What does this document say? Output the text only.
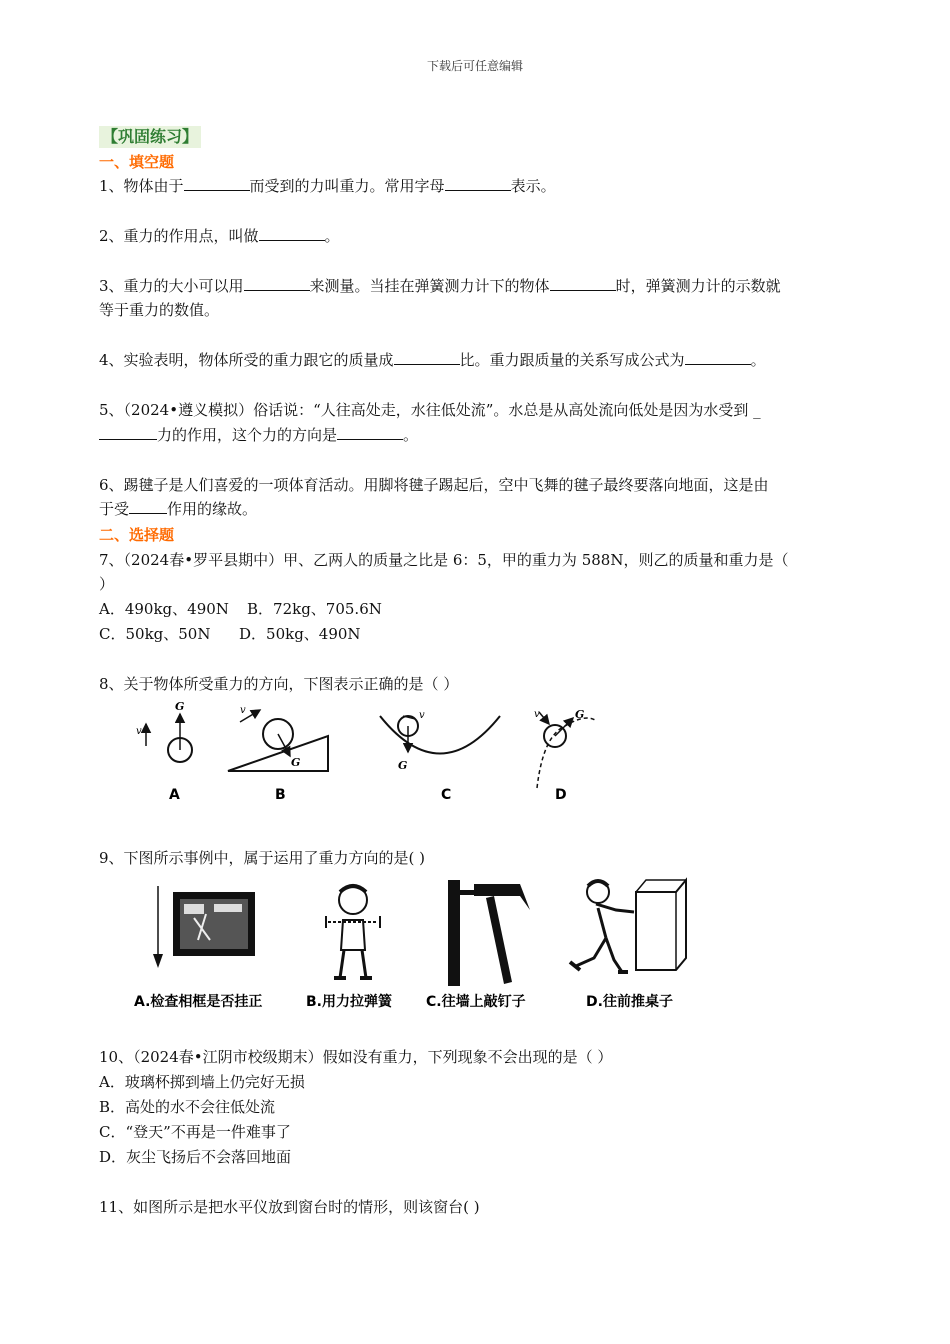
下载后可任意编辑
【巩固练习】
一、填空题
1、物体由于	而受到的力叫重力。常用字母	表示。
2、重力的作用点，叫做	。
3、重力的大小可以用	来测量。当挂在弹簧测力计下的物体	时，弹簧测力计的示数就
等于重力的数值。
4、实验表明，物体所受的重力跟它的质量成	比。重力跟质量的关系写成公式为	。
5、（2024•遵义模拟）俗话说：“人往高处走，水往低处流”。水总是从高处流向低处是因为水受到 _
力的作用，这个力的方向是	。
6、踢毽子是人们喜爱的一项体育活动。用脚将毽子踢起后，空中飞舞的毽子最终要落向地面，这是由
于受	作用的缘故。
二、选择题
7、（2024春•罗平县期中）甲、乙两人的质量之比是 6：5，甲的重力为 588N，则乙的质量和重力是（
）
A．490kg、490N B．72kg、705.6N
C．50kg、50N D．50kg、490N
8、关于物体所受重力的方向，下图表示正确的是（ ）
G
v
A
G
v
B
G
v
C
G
v
D
9、下图所示事例中，属于运用了重力方向的是( )
A.检查相框是否挂正	B.用力拉弹簧 C.往墙上敲钉子	D.往前推桌子
10、（2024春•江阴市校级期末）假如没有重力，下列现象不会出现的是（ ）
A．玻璃杯掷到墙上仍完好无损
B．高处的水不会往低处流
C．“登天”不再是一件难事了
D．灰尘飞扬后不会落回地面
11、如图所示是把水平仪放到窗台时的情形，则该窗台( )
